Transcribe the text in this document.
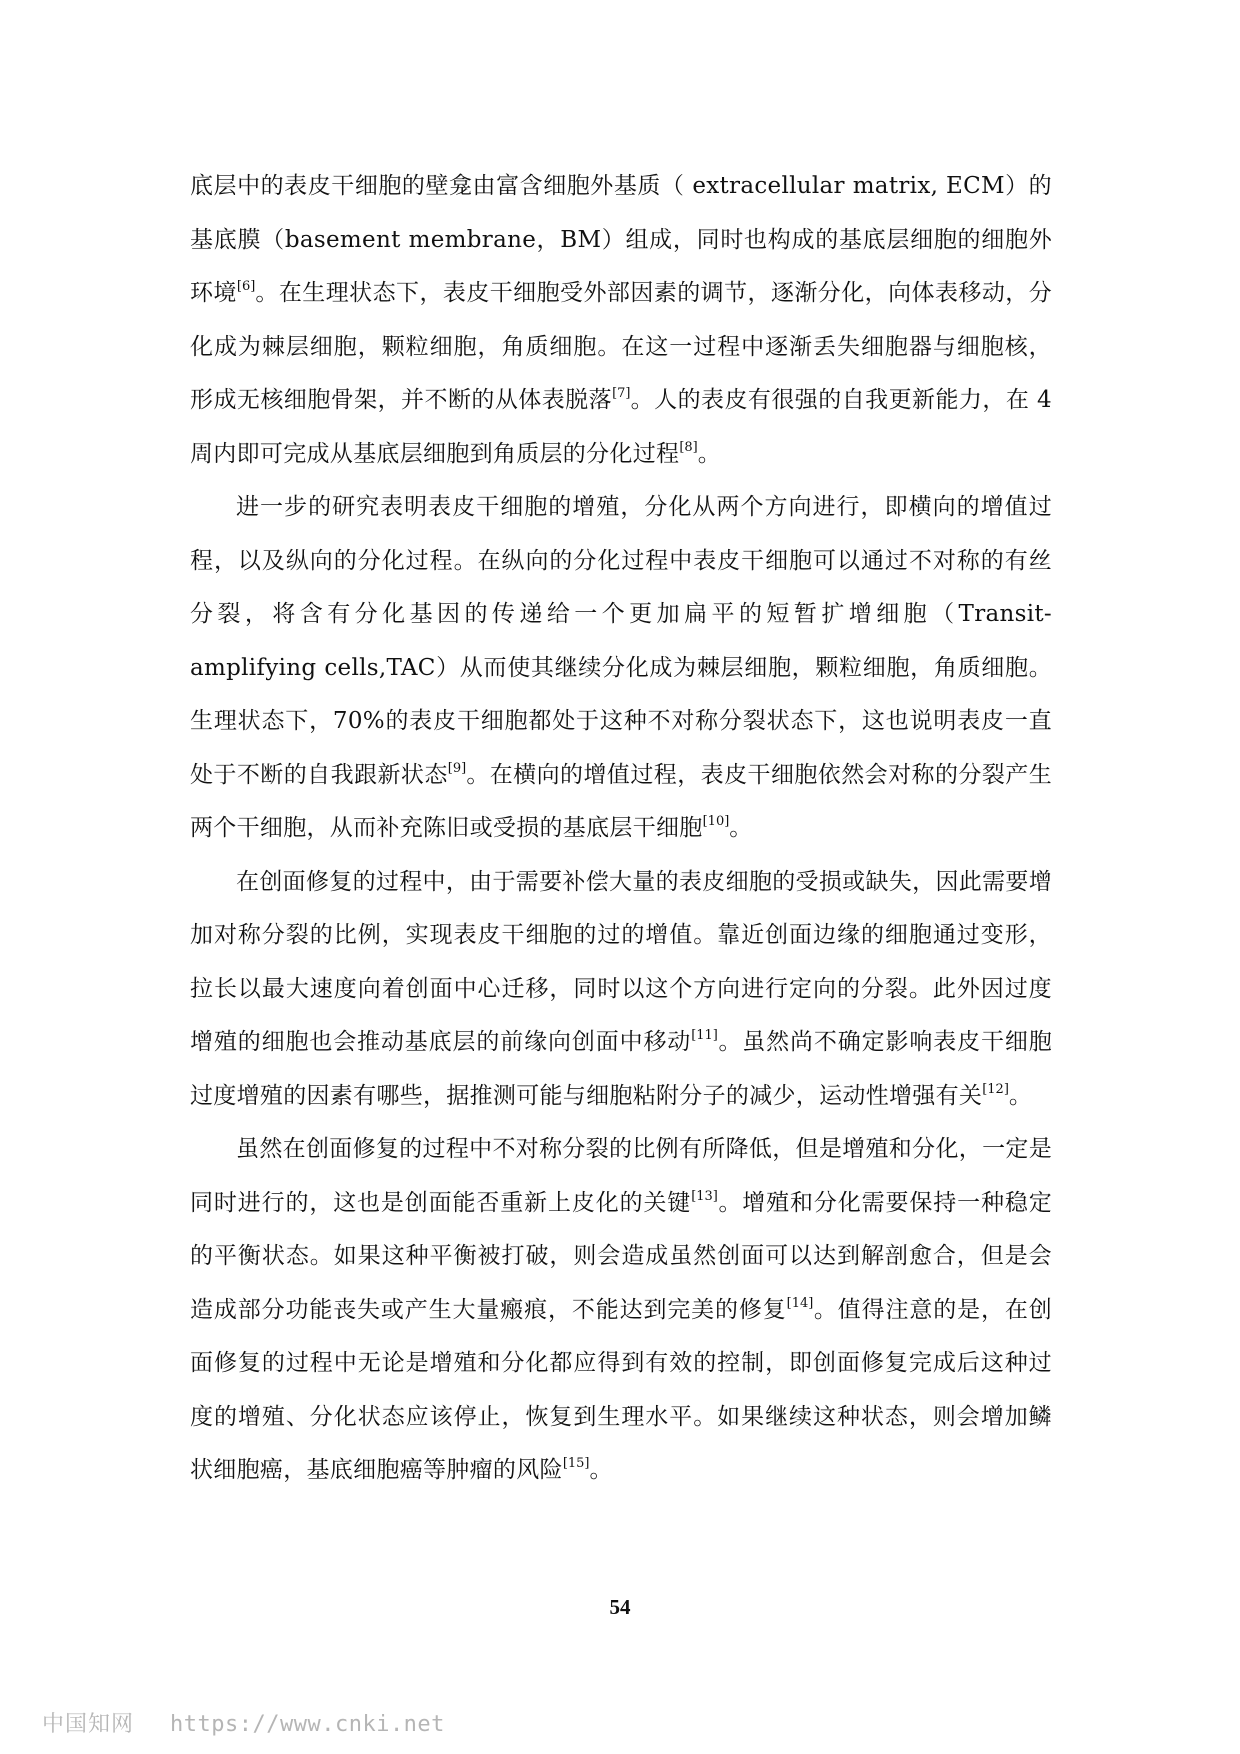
底层中的表皮干细胞的壁龛由富含细胞外基质（ extracellular matrix, ECM）的基底膜（basement membrane，BM）组成，同时也构成的基底层细胞的细胞外环境[6]。在生理状态下，表皮干细胞受外部因素的调节，逐渐分化，向体表移动，分化成为棘层细胞，颗粒细胞，角质细胞。在这一过程中逐渐丢失细胞器与细胞核，形成无核细胞骨架，并不断的从体表脱落[7]。人的表皮有很强的自我更新能力，在 4 周内即可完成从基底层细胞到角质层的分化过程[8]。

进一步的研究表明表皮干细胞的增殖，分化从两个方向进行，即横向的增值过程，以及纵向的分化过程。在纵向的分化过程中表皮干细胞可以通过不对称的有丝分裂，将含有分化基因的传递给一个更加扁平的短暂扩增细胞（Transit-amplifying cells,TAC）从而使其继续分化成为棘层细胞，颗粒细胞，角质细胞。生理状态下，70%的表皮干细胞都处于这种不对称分裂状态下，这也说明表皮一直处于不断的自我跟新状态[9]。在横向的增值过程，表皮干细胞依然会对称的分裂产生两个干细胞，从而补充陈旧或受损的基底层干细胞[10]。

在创面修复的过程中，由于需要补偿大量的表皮细胞的受损或缺失，因此需要增加对称分裂的比例，实现表皮干细胞的过的增值。靠近创面边缘的细胞通过变形，拉长以最大速度向着创面中心迁移，同时以这个方向进行定向的分裂。此外因过度增殖的细胞也会推动基底层的前缘向创面中移动[11]。虽然尚不确定影响表皮干细胞过度增殖的因素有哪些，据推测可能与细胞粘附分子的减少，运动性增强有关[12]。

虽然在创面修复的过程中不对称分裂的比例有所降低，但是增殖和分化，一定是同时进行的，这也是创面能否重新上皮化的关键[13]。增殖和分化需要保持一种稳定的平衡状态。如果这种平衡被打破，则会造成虽然创面可以达到解剖愈合，但是会造成部分功能丧失或产生大量瘢痕，不能达到完美的修复[14]。值得注意的是，在创面修复的过程中无论是增殖和分化都应得到有效的控制，即创面修复完成后这种过度的增殖、分化状态应该停止，恢复到生理水平。如果继续这种状态，则会增加鳞状细胞癌，基底细胞癌等肿瘤的风险[15]。

54
中国知网 https://www.cnki.net
